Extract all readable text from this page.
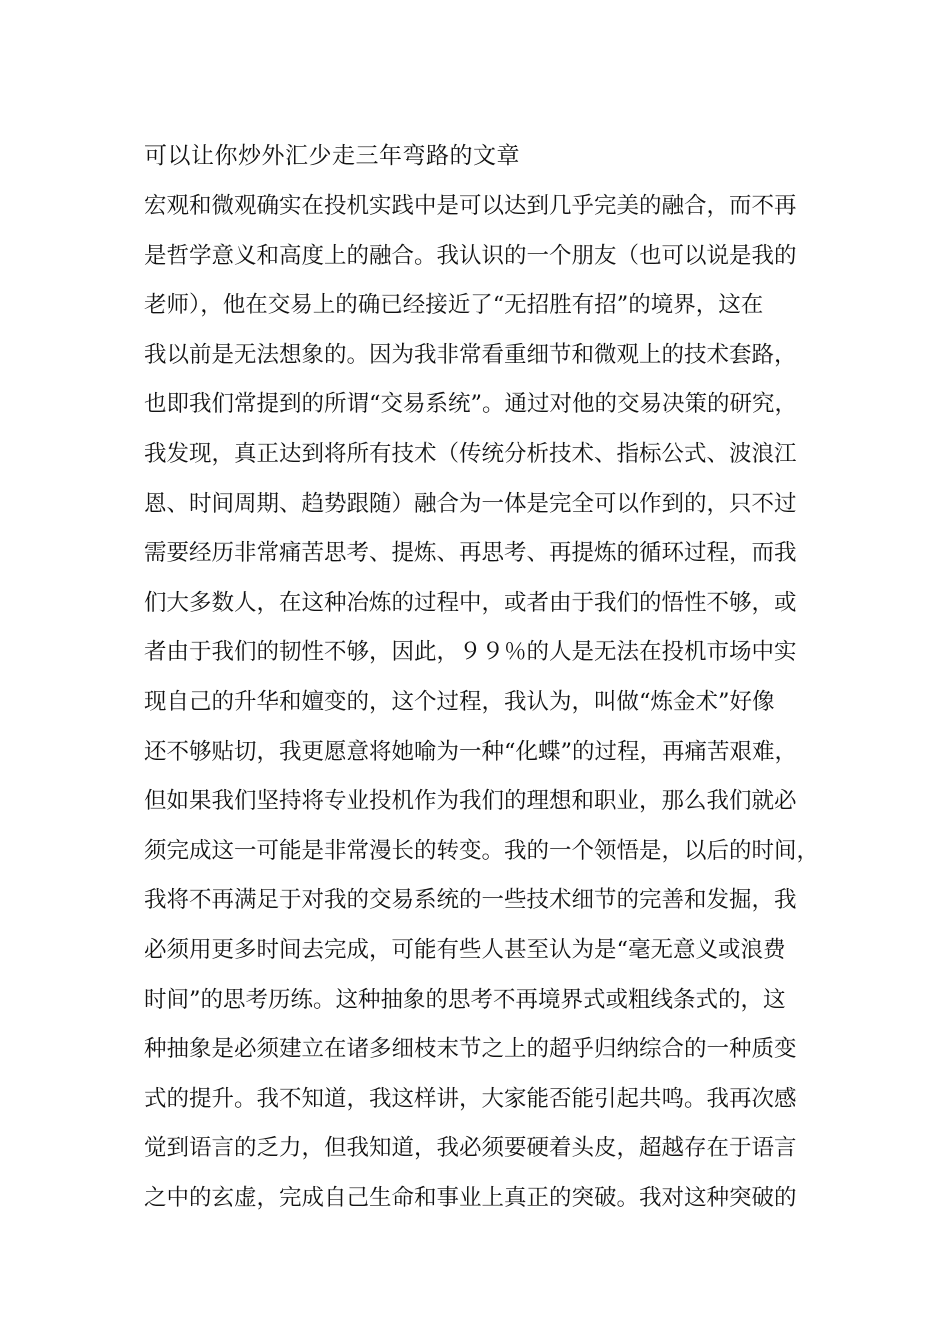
可以让你炒外汇少走三年弯路的文章
宏观和微观确实在投机实践中是可以达到几乎完美的融合，而不再
是哲学意义和高度上的融合。我认识的一个朋友（也可以说是我的
老师），他在交易上的确已经接近了“无招胜有招”的境界，这在
我以前是无法想象的。因为我非常看重细节和微观上的技术套路，
也即我们常提到的所谓“交易系统”。通过对他的交易决策的研究，
我发现，真正达到将所有技术（传统分析技术、指标公式、波浪江
恩、时间周期、趋势跟随）融合为一体是完全可以作到的，只不过
需要经历非常痛苦思考、提炼、再思考、再提炼的循环过程，而我
们大多数人，在这种冶炼的过程中，或者由于我们的悟性不够，或
者由于我们的韧性不够，因此，９９％的人是无法在投机市场中实
现自己的升华和嬗变的，这个过程，我认为，叫做“炼金术”好像
还不够贴切，我更愿意将她喻为一种“化蝶”的过程，再痛苦艰难，
但如果我们坚持将专业投机作为我们的理想和职业，那么我们就必
须完成这一可能是非常漫长的转变。我的一个领悟是，以后的时间，
我将不再满足于对我的交易系统的一些技术细节的完善和发掘，我
必须用更多时间去完成，可能有些人甚至认为是“毫无意义或浪费
时间”的思考历练。这种抽象的思考不再境界式或粗线条式的，这
种抽象是必须建立在诸多细枝末节之上的超乎归纳综合的一种质变
式的提升。我不知道，我这样讲，大家能否能引起共鸣。我再次感
觉到语言的乏力，但我知道，我必须要硬着头皮，超越存在于语言
之中的玄虚，完成自己生命和事业上真正的突破。我对这种突破的
